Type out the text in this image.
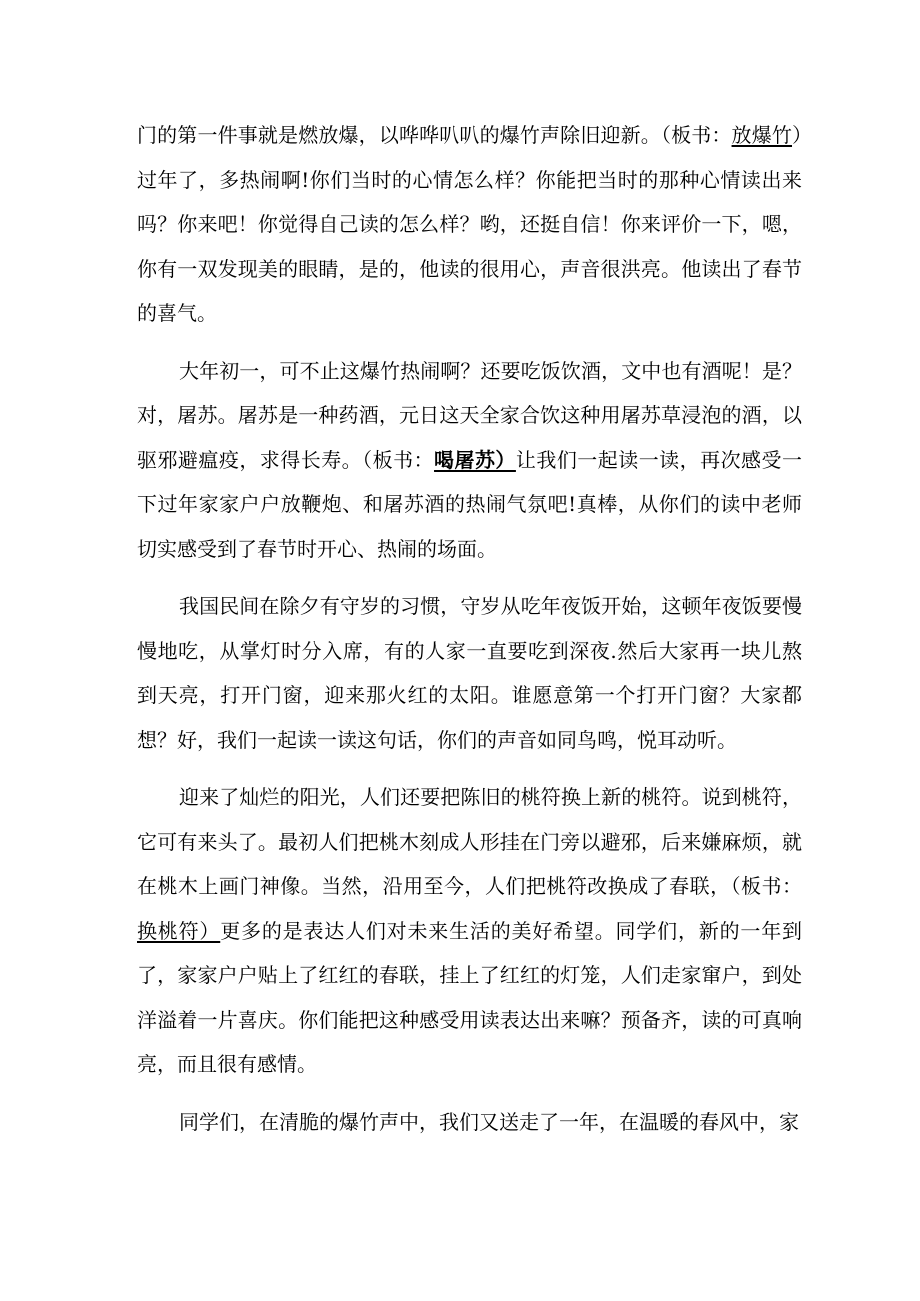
门的第一件事就是燃放爆，以哗哗叭叭的爆竹声除旧迎新。（板书：放爆竹）过年了，多热闹啊!你们当时的心情怎么样？你能把当时的那种心情读出来吗？你来吧！你觉得自己读的怎么样？哟，还挺自信！你来评价一下，嗯，你有一双发现美的眼睛，是的，他读的很用心，声音很洪亮。他读出了春节的喜气。

大年初一，可不止这爆竹热闹啊？还要吃饭饮酒，文中也有酒呢！是？对，屠苏。屠苏是一种药酒，元日这天全家合饮这种用屠苏草浸泡的酒，以驱邪避瘟疫，求得长寿。（板书：喝屠苏）让我们一起读一读，再次感受一下过年家家户户放鞭炮、和屠苏酒的热闹气氛吧!真棒，从你们的读中老师切实感受到了春节时开心、热闹的场面。

我国民间在除夕有守岁的习惯，守岁从吃年夜饭开始，这顿年夜饭要慢慢地吃，从掌灯时分入席，有的人家一直要吃到深夜.然后大家再一块儿熬到天亮，打开门窗，迎来那火红的太阳。谁愿意第一个打开门窗？大家都想？好，我们一起读一读这句话，你们的声音如同鸟鸣，悦耳动听。

迎来了灿烂的阳光，人们还要把陈旧的桃符换上新的桃符。说到桃符，它可有来头了。最初人们把桃木刻成人形挂在门旁以避邪，后来嫌麻烦，就在桃木上画门神像。当然，沿用至今，人们把桃符改换成了春联，（板书：换桃符）更多的是表达人们对未来生活的美好希望。同学们，新的一年到了，家家户户贴上了红红的春联，挂上了红红的灯笼，人们走家窜户，到处洋溢着一片喜庆。你们能把这种感受用读表达出来嘛？预备齐，读的可真响亮，而且很有感情。

同学们，在清脆的爆竹声中，我们又送走了一年，在温暖的春风中，家
